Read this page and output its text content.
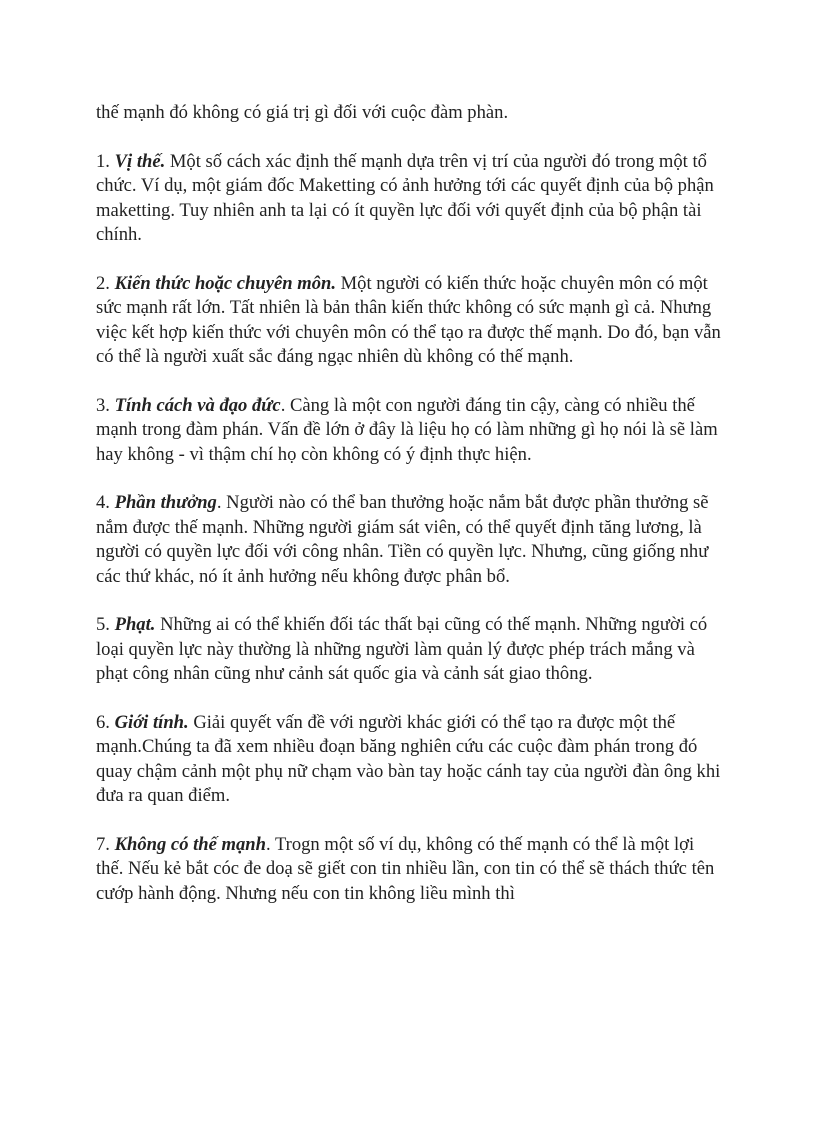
thế mạnh đó không có giá trị gì đối với cuộc đàm phàn.

1. Vị thế. Một số cách xác định thế mạnh dựa trên vị trí của người đó trong một tổ chức. Ví dụ, một giám đốc Maketting có ảnh hưởng tới các quyết định của bộ phận maketting. Tuy nhiên anh ta lại có ít quyền lực đối với quyết định của bộ phận tài chính.

2. Kiến thức hoặc chuyên môn. Một người có kiến thức hoặc chuyên môn có một sức mạnh rất lớn. Tất nhiên là bản thân kiến thức không có sức mạnh gì cả. Nhưng việc kết hợp kiến thức với chuyên môn có thể tạo ra được thế mạnh. Do đó, bạn vẫn có thể là người xuất sắc đáng ngạc nhiên dù không có thế mạnh.

3. Tính cách và đạo đức. Càng là một con người đáng tin cậy, càng có nhiều thế mạnh trong đàm phán. Vấn đề lớn ở đây là liệu họ có làm những gì họ nói là sẽ làm hay không - vì thậm chí họ còn không có ý định thực hiện.

4. Phần thưởng. Người nào có thể ban thưởng hoặc nắm bắt được phần thưởng sẽ nắm được thế mạnh. Những người giám sát viên, có thể quyết định tăng lương, là người có quyền lực đối với công nhân. Tiền có quyền lực. Nhưng, cũng giống như các thứ khác, nó ít ảnh hưởng nếu không được phân bổ.

5. Phạt. Những ai có thể khiến đối tác thất bại cũng có thế mạnh. Những người có loại quyền lực này thường là những người làm quản lý được phép trách mắng và phạt công nhân cũng như cảnh sát quốc gia và cảnh sát giao thông.

6. Giới tính. Giải quyết vấn đề với người khác giới có thể tạo ra được một thế mạnh.Chúng ta đã xem nhiều đoạn băng nghiên cứu các cuộc đàm phán trong đó quay chậm cảnh một phụ nữ chạm vào bàn tay hoặc cánh tay của người đàn ông khi đưa ra quan điểm.

7. Không có thế mạnh. Trogn một số ví dụ, không có thế mạnh có thể là một lợi thế. Nếu kẻ bắt cóc đe doạ sẽ giết con tin nhiều lần, con tin có thể sẽ thách thức tên cướp hành động. Nhưng nếu con tin không liều mình thì
